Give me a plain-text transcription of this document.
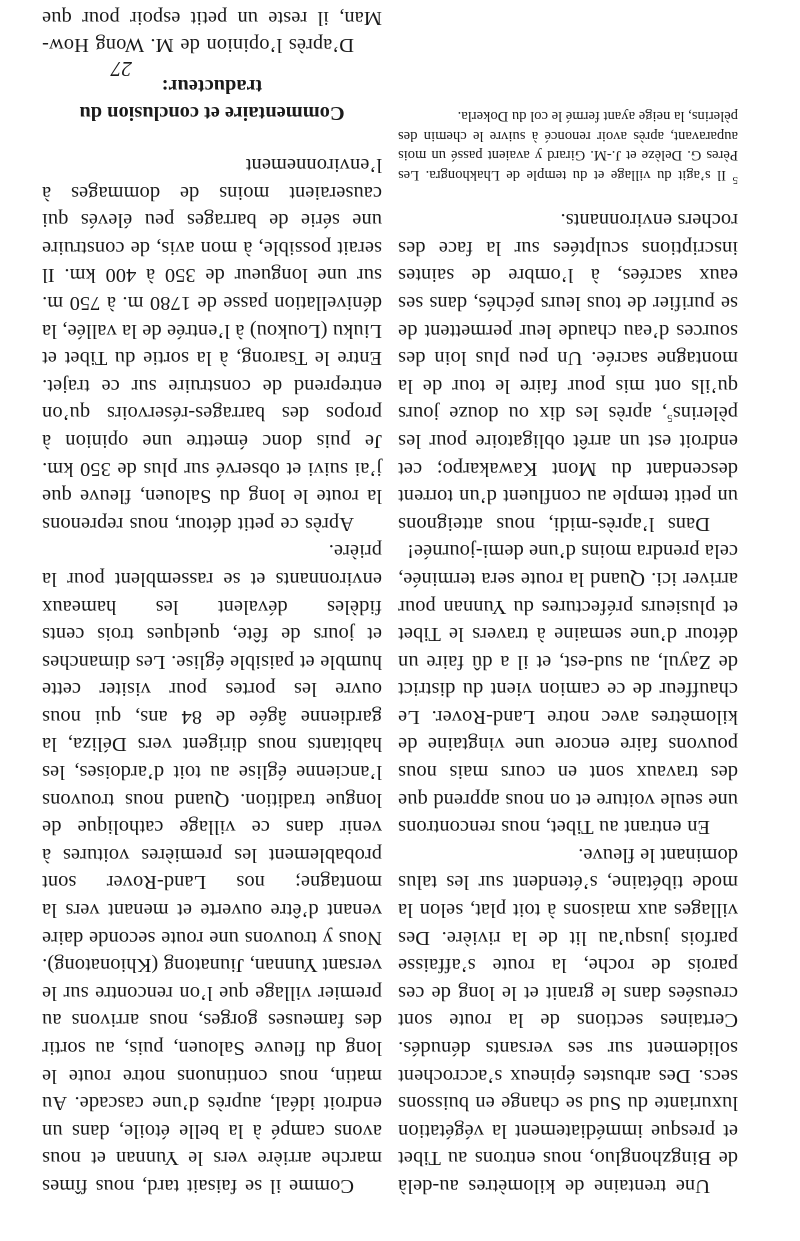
Une trentaine de kilomètres au-delà de Bingzhongluo, nous entrons au Tibet et presque immédiatement la végétation luxuriante du Sud se change en buissons secs. Des arbustes épineux s’accrochent solidement sur ses versants dénudés. Certaines sections de la route sont creusées dans le granit et le long de ces parois de roche, la route s’affaisse parfois jusqu’au lit de la rivière. Des villages aux maisons à toit plat, selon la mode tibétaine, s’étendent sur les talus dominant le fleuve.

En entrant au Tibet, nous rencontrons une seule voiture et on nous apprend que des travaux sont en cours mais nous pouvons faire encore une vingtaine de kilomètres avec notre Land-Rover. Le chauffeur de ce camion vient du district de Zayul, au sud-est, et il a dû faire un détour d’une semaine à travers le Tibet et plusieurs préfectures du Yunnan pour arriver ici. Quand la route sera terminée, cela prendra moins d’une demi-journée!

Dans l’après-midi, nous atteignons un petit temple au confluent d’un torrent descendant du Mont Kawakarpo; cet endroit est un arrêt obligatoire pour les pèlerins$^5$, après les dix ou douze jours qu’ils ont mis pour faire le tour de la montagne sacrée. Un peu plus loin des sources d’eau chaude leur permettent de se purifier de tous leurs péchés, dans ses eaux sacrées, à l’ombre de saintes inscriptions sculptées sur la face des rochers environnants.

$^5$ Il s’agit du village et du temple de Lhakhongra. Les Pères G. Delèze et J.-M. Girard y avaient passé un mois auparavant, après avoir renoncé à suivre le chemin des pèlerins, la neige ayant fermé le col du Dokerla.

Comme il se faisait tard, nous fîmes marche arrière vers le Yunnan et nous avons campé à la belle étoile, dans un endroit idéal, auprès d’une cascade. Au matin, nous continuons notre route le long du fleuve Salouen, puis, au sortir des fameuses gorges, nous arrivons au premier village que l’on rencontre sur le versant Yunnan, Jiunatong (Khionatong). Nous y trouvons une route seconde daire venant d’être ouverte et menant vers la montagne; nos Land-Rover sont probablement les premières voitures à venir dans ce village catholique de longue tradition. Quand nous trouvons l’ancienne église au toit d’ardoises, les habitants nous dirigent vers Déliza, la gardienne âgée de 84 ans, qui nous ouvre les portes pour visiter cette humble et paisible église. Les dimanches et jours de fête, quelques trois cents fidèles dévalent les hameaux environnants et se rassemblent pour la prière.

Après ce petit détour, nous reprenons la route le long du Salouen, fleuve que j’ai suivi et observé sur plus de 350 km. Je puis donc émettre une opinion à propos des barrages-réservoirs qu’on entreprend de construire sur ce trajet. Entre le Tsarong, à la sortie du Tibet et Liuku (Loukou) à l’entrée de la vallée, la dénivellation passe de 1780 m. à 750 m. sur une longueur de 350 à 400 km. Il serait possible, à mon avis, de construire une série de barrages peu élevés qui causeraient moins de dommages à l’environnement

Commentaire et conclusion du traducteur:

D’après l’opinion de M. Wong How-Man, il reste un petit espoir pour que

27
